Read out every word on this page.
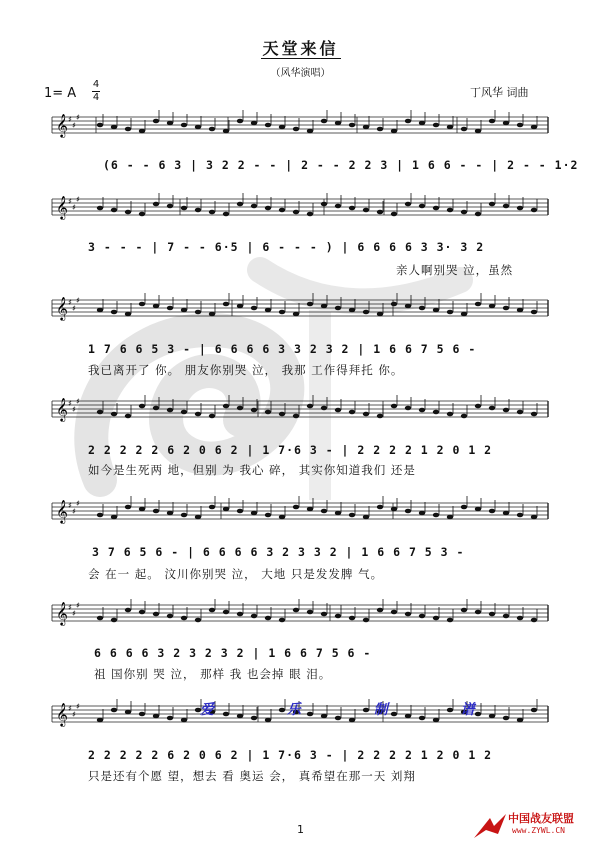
天堂来信
（风华演唱）
1= A
4
4	丁风华 词曲
𝄞 ♯
♯
♯
𝄞 ♯
♯
♯
𝄞 ♯
♯
♯
𝄞 ♯
♯
♯
𝄞 ♯
♯
♯
𝄞 ♯
♯
♯
𝄞 ♯
♯
♯
(6 - - 6 3 | 3 2 2 - - | 2 - - 2 2 3 | 1 6 6 - - | 2 - - 1·2
3 - - - | 7 - - 6·5 | 6 - - - ) | 6 6 6 6 3 3· 3 2
亲人啊别哭 泣，虽然
1 7 6 6 5 3 - | 6 6 6 6 3 3 2 3 2 | 1 6 6 7 5 6 -
我已离开了 你。 朋友你别哭 泣， 我那 工作得拜托 你。
2 2 2 2 2 6 2 0 6 2 | 1 7·6 3 - | 2 2 2 2 1 2 0 1 2
如今是生死两 地，但别 为 我心 碎， 其实你知道我们 还是
3 7 6 5 6 - | 6 6 6 6 3 2 3 3 2 | 1 6 6 7 5 3 -
会 在一 起。 汶川你别哭 泣， 大地 只是发发脾 气。
6 6 6 6 3 2 3 2 3 2 | 1 6 6 7 5 6 -
祖 国你别 哭 泣， 那样 我 也会掉 眼 泪。
2 2 2 2 2 6 2 0 6 2 | 1 7·6 3 - | 2 2 2 2 1 2 0 1 2
只是还有个愿 望，想去 看 奥运 会， 真希望在那一天 刘翔
爱 乐 制 谱
1
中国战友联盟
www.ZYWL.CN
